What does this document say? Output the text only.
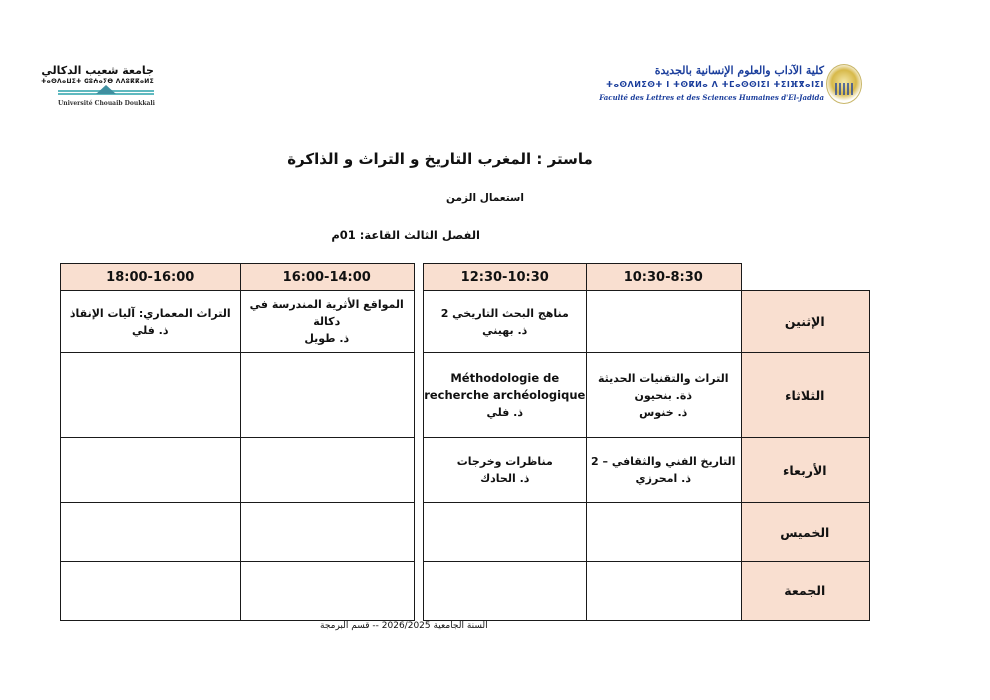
كلية الآداب والعلوم الإنسانية بالجديدة
ⵜⴰⵙⴷⵍⵉⵙⵜ ⵏ ⵜⵙⴽⵍⴰ ⴷ ⵜⵎⴰⵙⵙⵏⵉⵏ ⵜⵉⵏⴼⴳⴰⵏⵉⵏ
Faculté des Lettres et des Sciences Humaines d'El-Jadida
جامعة شعيب الدكالي
ⵜⴰⵙⴷⴰⵡⵉⵜ ⵛⵓⵄⴰⵢⴱ ⴷⴷⵓⴽⴽⴰⵍⵉ
Université Chouaib Doukkali
ماستر : المغرب التاريخ و التراث و الذاكرة
استعمال الزمن
الفصل الثالث القاعة: 01م
10:30-8:30
12:30-10:30
16:00-14:00
18:00-16:00
الإثنين
مناهج البحث التاريخي 2
ذ. بهيني
المواقع الأثرية المندرسة في دكالة
ذ. طويل
التراث المعماري: آليات الإنقاذ
ذ. فلي
الثلاثاء
التراث والتقنيات الحديثة
ذة. بنحيون
ذ. خنوس
Méthodologie de
recherche archéologique
ذ. فلي
الأربعاء
التاريخ الفني والثقافي – 2
ذ. امحرزي
مناظرات وخرجات
ذ. الحادك
الخميس
الجمعة
السنة الجامعية 2026/2025 -- قسم البرمجة
